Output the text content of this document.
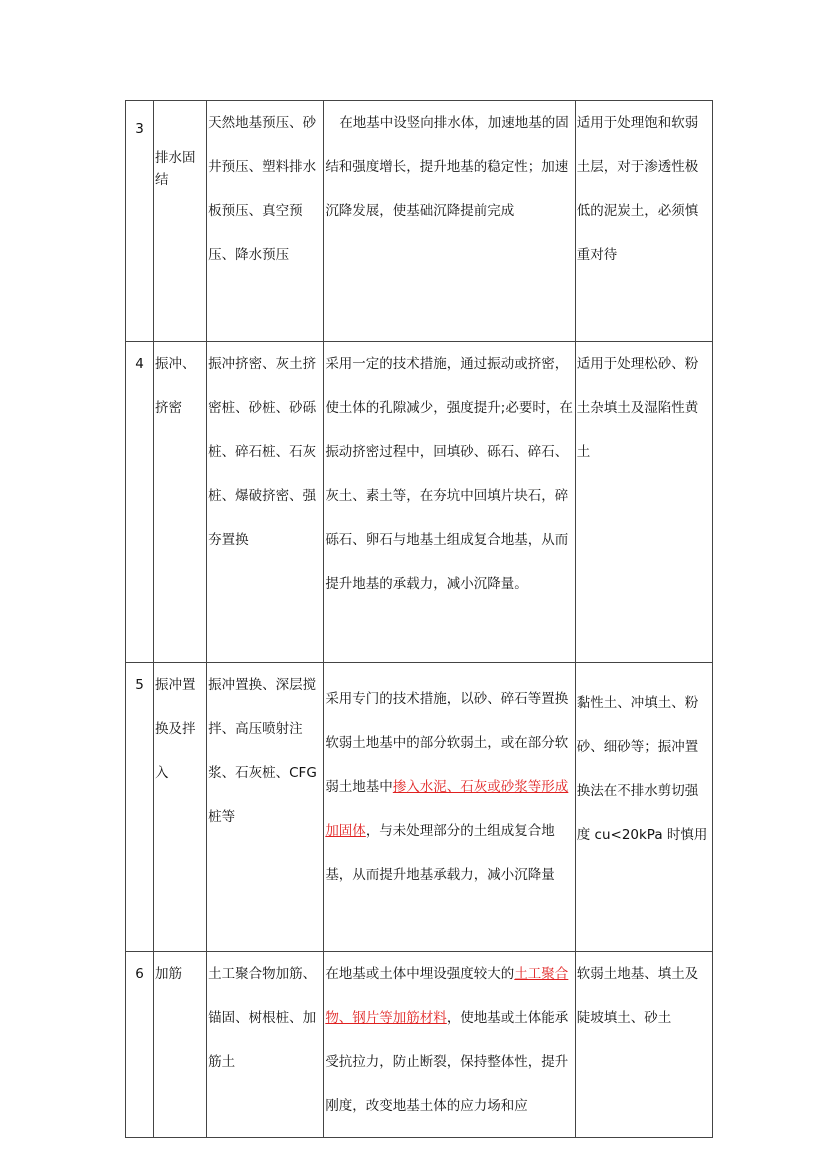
3	排水固结	天然地基预压、砂井预压、塑料排水板预压、真空预压、降水预压	在地基中设竖向排水体，加速地基的固结和强度增长，提升地基的稳定性；加速沉降发展，使基础沉降提前完成	适用于处理饱和软弱土层，对于渗透性极低的泥炭土，必须慎重对待
4	振冲、挤密	振冲挤密、灰土挤密桩、砂桩、砂砾桩、碎石桩、石灰桩、爆破挤密、强夯置换	采用一定的技术措施，通过振动或挤密，使土体的孔隙减少，强度提升;必要时，在振动挤密过程中，回填砂、砾石、碎石、灰土、素土等，在夯坑中回填片块石，碎砾石、卵石与地基土组成复合地基，从而提升地基的承载力，减小沉降量。	适用于处理松砂、粉土杂填土及湿陷性黄土
5	振冲置换及拌入	振冲置换、深层搅拌、高压喷射注浆、石灰桩、CFG 桩等	采用专门的技术措施，以砂、碎石等置换软弱土地基中的部分软弱土，或在部分软弱土地基中掺入水泥、石灰或砂浆等形成加固体，与未处理部分的土组成复合地基，从而提升地基承载力，减小沉降量	黏性土、冲填土、粉砂、细砂等；振冲置换法在不排水剪切强度 cu<20kPa 时慎用
6	加筋	土工聚合物加筋、锚固、树根桩、加筋土	在地基或土体中埋设强度较大的土工聚合物、钢片等加筋材料，使地基或土体能承受抗拉力，防止断裂，保持整体性，提升刚度，改变地基土体的应力场和应	软弱土地基、填土及陡坡填土、砂土
